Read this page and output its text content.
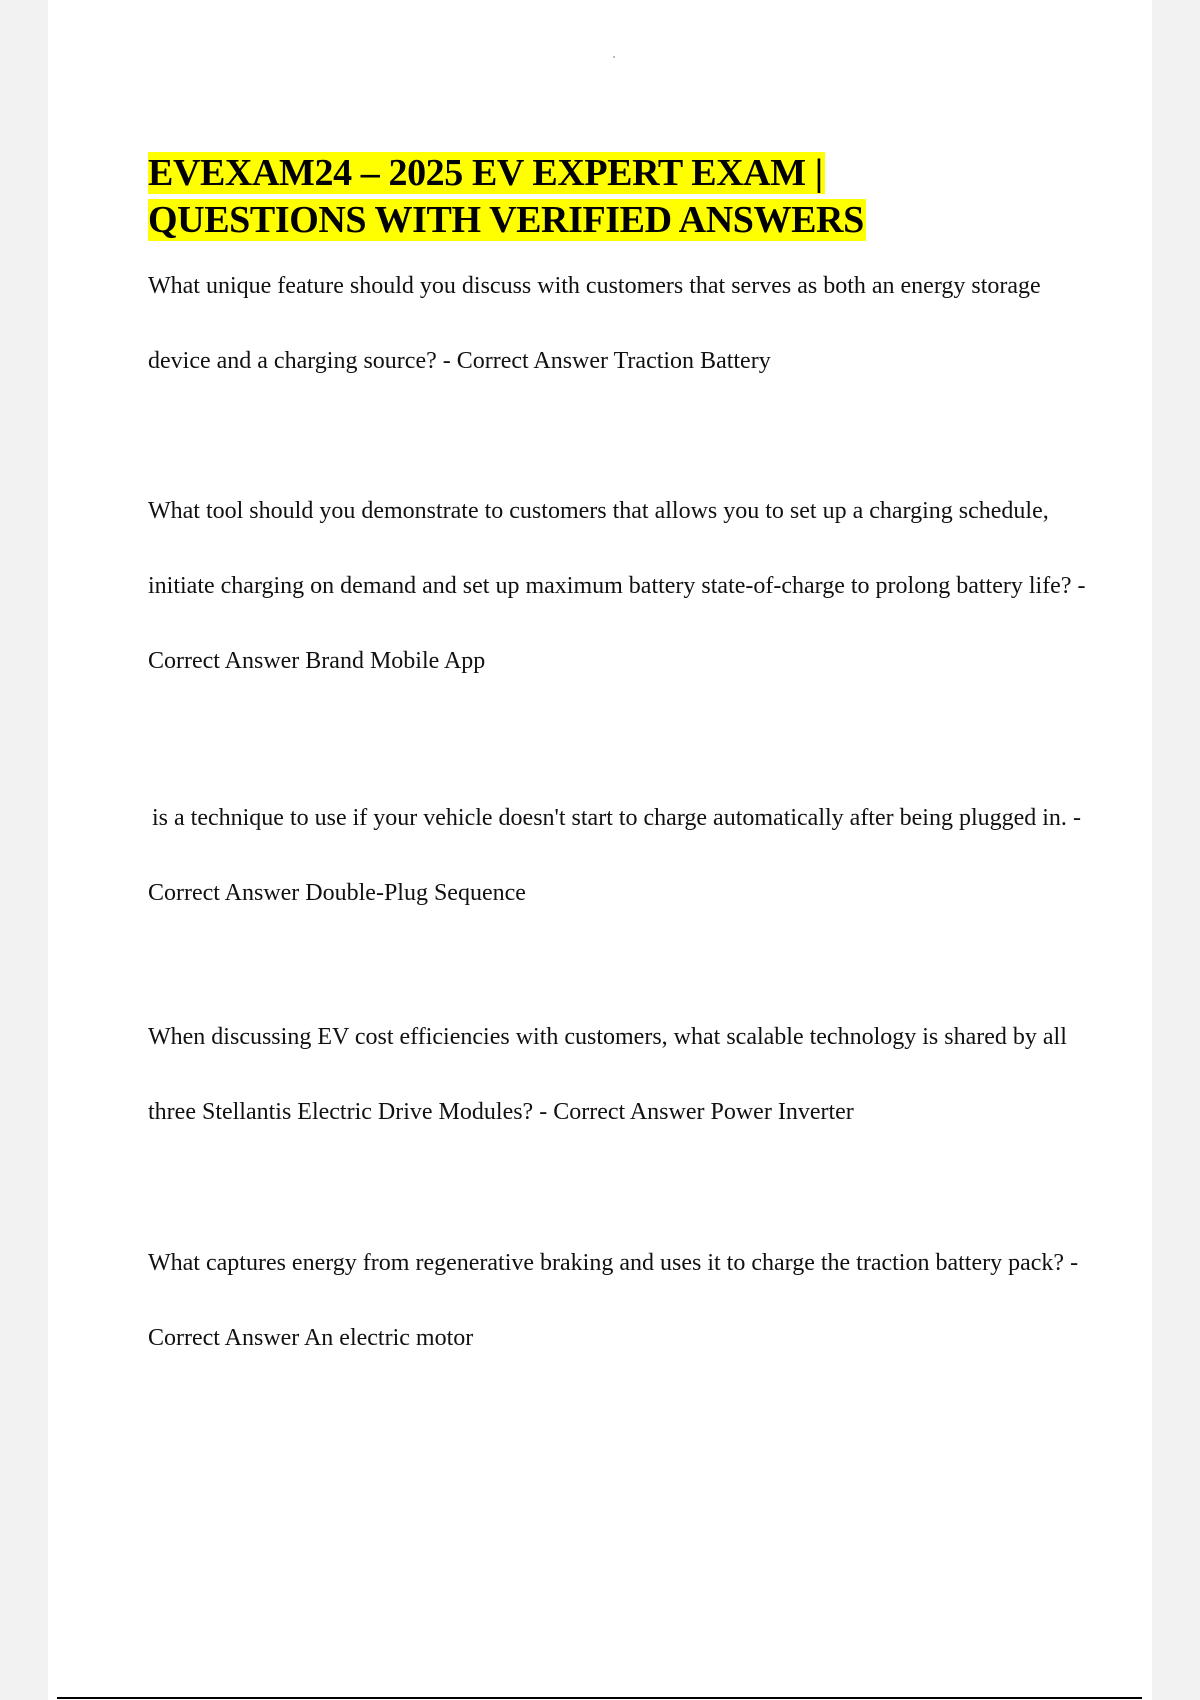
EVEXAM24 – 2025 EV EXPERT EXAM |
QUESTIONS WITH VERIFIED ANSWERS

What unique feature should you discuss with customers that serves as both an energy storage device and a charging source? - Correct Answer Traction Battery

What tool should you demonstrate to customers that allows you to set up a charging schedule, initiate charging on demand and set up maximum battery state-of-charge to prolong battery life? - Correct Answer Brand Mobile App

is a technique to use if your vehicle doesn't start to charge automatically after being plugged in. - Correct Answer Double-Plug Sequence

When discussing EV cost efficiencies with customers, what scalable technology is shared by all three Stellantis Electric Drive Modules? - Correct Answer Power Inverter

What captures energy from regenerative braking and uses it to charge the traction battery pack? - Correct Answer An electric motor
